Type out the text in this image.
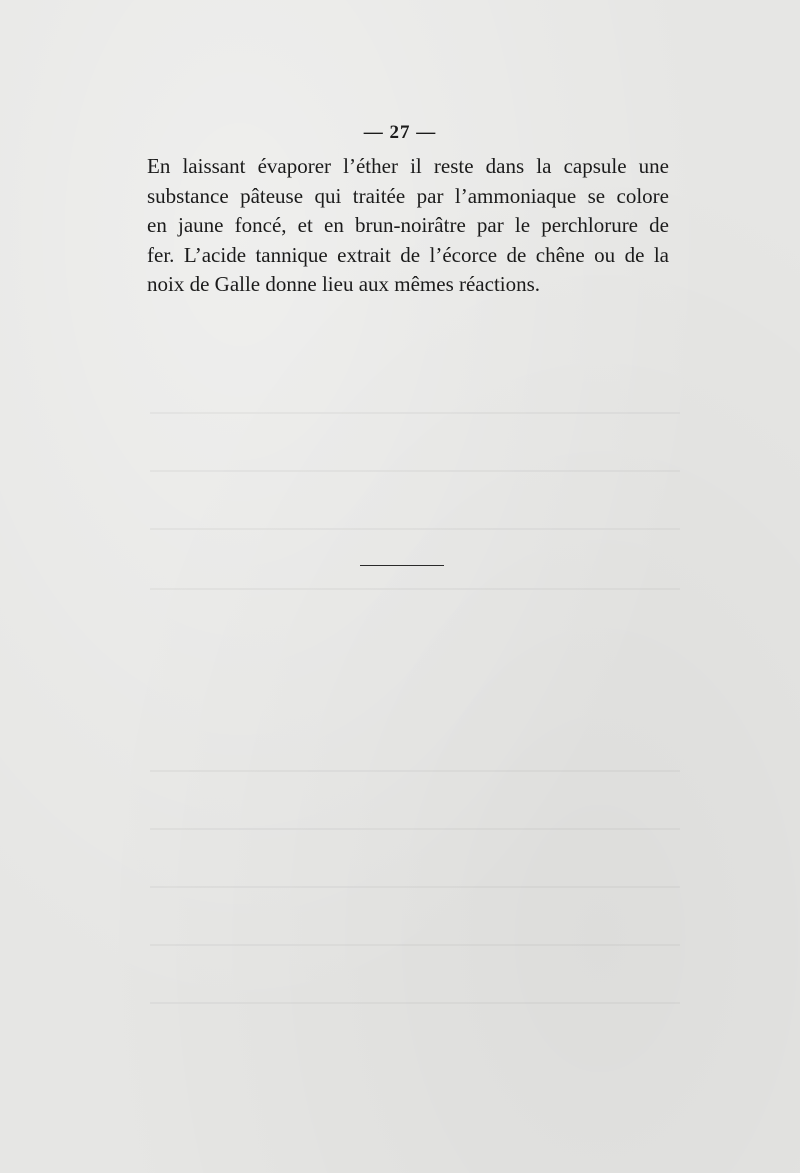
— 27 —

En laissant évaporer l’éther il reste dans la capsule une
substance pâteuse qui traitée par l’ammoniaque se colore
en jaune foncé, et en brun-noirâtre par le perchlorure de
fer. L’acide tannique extrait de l’écorce de chêne ou de la
noix de Galle donne lieu aux mêmes réactions.
